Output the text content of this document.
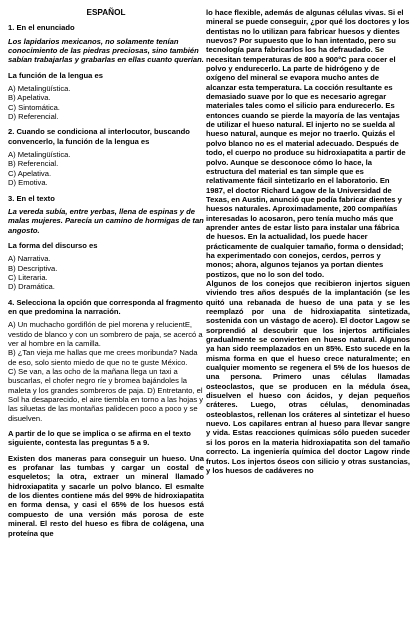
ESPAÑOL
1. En el enunciado
Los lapidarios mexicanos, no solamente tenían conocimiento de las piedras preciosas, sino también sabían trabajarlas y grabarlas en ellas cuanto querían.
La función de la lengua es
A) Metalingüística.
B) Apelativa.
C) Sintomática.
D) Referencial.
2. Cuando se condiciona al interlocutor, buscando convencerlo, la función de la lengua es
A) Metalingüística.
B) Referencial.
C) Apelativa.
D) Emotiva.
3. En el texto
La vereda subía, entre yerbas, llena de espinas y de malas mujeres. Parecía un camino de hormigas de tan angosto.
La forma del discurso es
A) Narrativa.
B) Descriptiva.
C) Literaria.
D) Dramática.
4. Selecciona la opción que corresponda al fragmento en que predomina la narración.
A) Un muchacho gordiflón de piel morena y relucientE, vestido de blanco y con un sombrero de paja, se acercó a ver al hombre en la camilla.
B) ¿Tan vieja me hallas que me crees moribunda? Nada de eso, solo siento miedo de que no te guste México.
C) Se van, a las ocho de la mañana llega un taxi a buscarlas, el chofer negro ríe y bromea bajándoles la maleta y los grandes sombreros de paja. D) Entretanto, el Sol ha desaparecido, el aire tiembla en torno a las hojas y las siluetas de las montañas palidecen poco a poco y se disuelven.
A partir de lo que se implica o se afirma en el texto siguiente, contesta las preguntas 5 a 9.
Existen dos maneras para conseguir un hueso. Una es profanar las tumbas y cargar un costal de esqueletos; la otra, extraer un mineral llamado hidroxiapatita y sacarle un polvo blanco. El esmalte de los dientes contiene más del 99% de hidroxiapatita en forma densa, y casi el 65% de los huesos está compuesto de una versión más porosa de este mineral. El resto del hueso es fibra de colágena, una proteína que
lo hace flexible, además de algunas células vivas. Si el mineral se puede conseguir, ¿por qué los doctores y los dentistas no lo utilizan para fabricar huesos y dientes nuevos? Por supuesto que lo han intentado, pero su tecnología para fabricarlos los ha defraudado. Se necesitan temperaturas de 800 a 900°C para cocer el polvo y endurecerlo. La parte de hidrógeno y de oxígeno del mineral se evapora mucho antes de alcanzar esta temperatura. La cocción resultante es demasiado suave por lo que es necesario agregar materiales tales como el silicio para endurecerlo. Es entonces cuando se pierde la mayoría de las ventajas de utilizar el hueso natural. El injerto no se suelda al hueso natural, aunque es mejor no traerlo. Quizás el polvo blanco no es el material adecuado. Después de todo, el cuerpo no produce su hidroxiapatita a partir de polvo. Aunque se desconoce cómo lo hace, la estructura del material es tan simple que es relativamente fácil sintetizarlo en el laboratorio. En 1987, el doctor Richard Lagow de la Universidad de Texas, en Austin, anunció que podía fabricar dientes y huesos naturales. Aproximadamente, 200 compañías interesadas lo acosaron, pero tenía mucho más que aprender antes de estar listo para instalar una fábrica de huesos. En la actualidad, los puede hacer prácticamente de cualquier tamaño, forma o densidad; ha experimentado con conejos, cerdos, perros y monos; ahora, algunos tejanos ya portan dientes postizos, que no lo son del todo.
Algunos de los conejos que recibieron injertos siguen viviendo tres años después de la implantación (se les quitó una rebanada de hueso de una pata y se les reemplazó por una de hidroxiapatita sintetizada, sostenida con un vástago de acero). El doctor Lagow se sorprendió al descubrir que los injertos artificiales gradualmente se convierten en hueso natural. Algunos ya han sido reemplazados en un 85%. Esto sucede en la misma forma en que el hueso crece naturalmente; en cualquier momento se regenera el 5% de los huesos de una persona. Primero unas células llamadas osteoclastos, que se producen en la médula ósea, disuelven el hueso con ácidos, y dejan pequeños cráteres. Luego, otras células, denominadas osteoblastos, rellenan los cráteres al sintetizar el hueso nuevo. Los capilares entran al hueso para llevar sangre y vida. Estas reacciones químicas sólo pueden suceder si los poros en la materia hidroxiapatita son del tamaño correcto. La ingeniería química del doctor Lagow rinde frutos. Los injertos óseos con silicio y otras sustancias, y los huesos de cadáveres no
